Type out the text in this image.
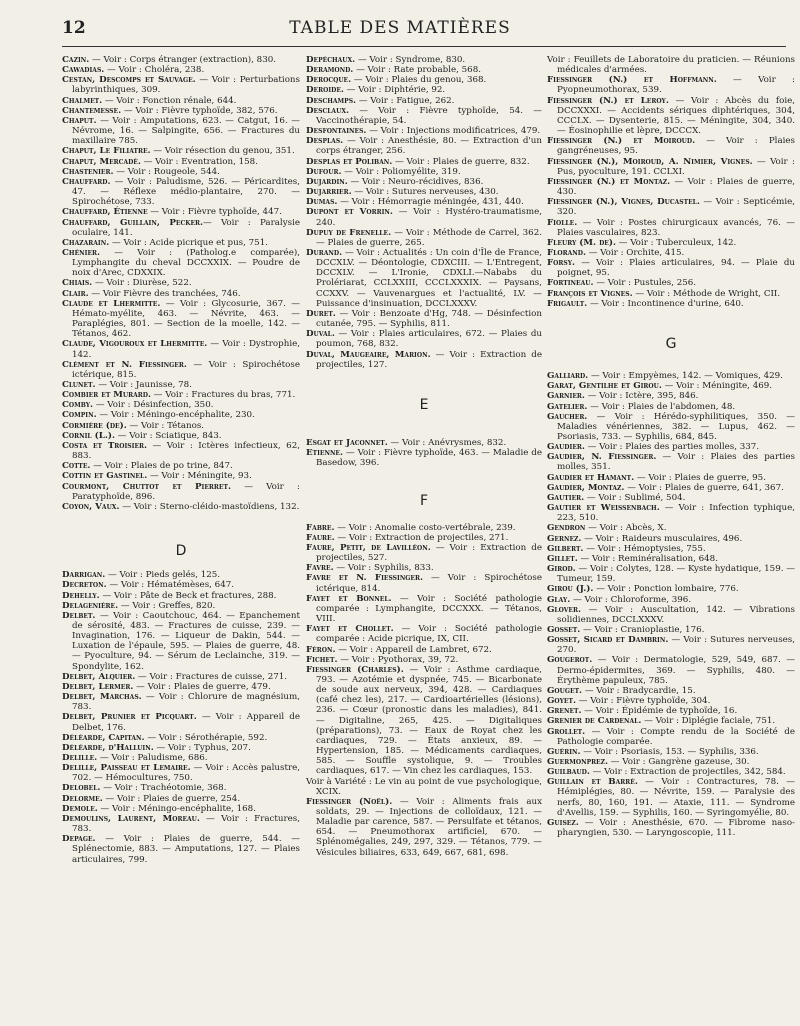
12	TABLE DES MATIÈRES

Cazin. — Voir : Corps étranger (extraction), 830.

Cawadias. — Voir : Choléra, 238.

Cestan, Descomps et Sauvage. — Voir : Perturbations labyrinthiques, 309.

Chalmet. — Voir : Fonction rénale, 644.

Chantemesse. — Voir : Fièvre typhoïde, 382, 576.

Chaput. — Voir : Amputations, 623. — Catgut, 16. — Névrome, 16. — Salpingite, 656. — Fractures du maxillaire 785.

Chaput, Le Filiatre. — Voir résection du genou, 351.

Chaput, Mercadé. — Voir : Eventration, 158.

Chastenier. — Voir : Rougeole, 544.

Chauffard. — Voir : Paludisme, 526. — Péricardites, 47. — Réflexe médio-plantaire, 270. — Spirochétose, 733.

Chauffard, Étienne — Voir : Fièvre typhoïde, 447.

Chauffard, Guillain, Pecker.— Voir : Paralysie oculaire, 141.

Chazarain. — Voir : Acide picrique et pus, 751.

Chénier. — Voir : (Patholog.e comparée), Lymphangite du cheval DCCXXIX. — Poudre de noix d'Arec, CDXXIX.

Chiais. — Voir : Diurèse, 522.

Clair. — Voir Fièvre des tranchées, 746.

Claude et Lhermitte. — Voir : Glycosurie, 367. — Hémato-myélite, 463. — Névrite, 463. — Paraplégies, 801. — Section de la moelle, 142. — Tétanos, 462.

Claude, Vigouroux et Lhermitte. — Voir : Dystrophie, 142.

Clément et N. Fiessinger. — Voir : Spirochétose ictérique, 815.

Clunet. — Voir : Jaunisse, 78.

Combier et Murard. — Voir : Fractures du bras, 771.

Comby. — Voir : Désinfection, 350.

Compin. — Voir : Méningo-encéphalite, 230.

Cormière (de). — Voir : Tétanos.

Cornil (L.). — Voir : Sciatique, 843.

Costa et Troisier. — Voir : Ictères infectieux, 62, 883.

Cotte. — Voir : Plaies de po trine, 847.

Cottin et Gastinel. — Voir : Méningite, 93.

Courmont, Chuttot et Pierret. — Voir : Paratyphoïde, 896.

Coyon, Vaux. — Voir : Sterno-cléido-mastoïdiens, 132.

D

Darrigan. — Voir : Pieds gelés, 125.

Decreton. — Voir : Hématémèses, 647.

Dehelly. — Voir : Pâte de Beck et fractures, 288.

Delagenière. — Voir : Greffes, 820.

Delbet. — Voir : Caoutchouc, 464. — Epanchement de sérosité, 483. — Fractures de cuisse, 239. — Invagination, 176. — Liqueur de Dakin, 544. — Luxation de l'épaule, 595. — Plaies de guerre, 48. — Pyoculture, 94. — Sérum de Leclainche, 319. — Spondylite, 162.

Delbet, Alquier. — Voir : Fractures de cuisse, 271.

Delbet, Lermer. — Voir : Plaies de guerre, 479.

Delbet, Marchas. — Voir : Chlorure de magnésium, 783.

Delbet, Prunier et Picquart. — Voir : Appareil de Delbet, 176.

Déléarde, Capitan. — Voir : Sérothérapie, 592.

Déléarde, d'Halluin. — Voir : Typhus, 207.

Delille. — Voir : Paludisme, 686.

Delille, Paisseau et Lemaire. — Voir : Accès palustre, 702. — Hémocultures, 750.

Delobel. — Voir : Trachéotomie, 368.

Delorme. — Voir : Plaies de guerre, 254.

Demole. — Voir : Méningo-encéphalite, 168.

Demoulins, Laurent, Moreau. — Voir : Fractures, 783.

Depage. — Voir : Plaies de guerre, 544. — Splénectomie, 883. — Amputations, 127. — Plaies articulaires, 799.

Depéchaux. — Voir : Syndrome, 830.

Deramond. — Voir : Rate probable, 568.

Derocque. — Voir : Plaies du genou, 368.

Deroide. — Voir : Diphtérie, 92.

Deschamps. — Voir : Fatigue, 262.

Desclaux. — Voir : Fièvre typhoïde, 54. — Vaccinothérapie, 54.

Desfontaines. — Voir : Injections modificatrices, 479.

Desplas. — Voir : Anesthésie, 80. — Extraction d'un corps étranger, 256.

Desplas et Poliban. — Voir : Plaies de guerre, 832.

Dufour. — Voir : Poliomyélite, 319.

Dujardin. — Voir : Neuro-récidives, 836.

Dujarrier. — Voir : Sutures nerveuses, 430.

Dumas. — Voir : Hémorragie méningée, 431, 440.

Dupont et Vorrin. — Voir : Hystéro-traumatisme, 240.

Dupuy de Frenelle. — Voir : Méthode de Carrel, 362. — Plaies de guerre, 265.

Durand. — Voir : Actualités : Un coin d'Île de France, DCCXLV. — Déontologie, CDXCIII. — L'Entregent, DCCXLV. — L'Ironie, CDXLI.—Nababs du Prolériarat, CCLXXIII, CCCLXXXIX. — Paysans, CCXXV. — Vauvenargues et l'actualité, LV. — Puissance d'insinuation, DCCLXXXV.

Duret. — Voir : Benzoate d'Hg, 748. — Désinfection cutanée, 795. — Syphilis, 811.

Duval. — Voir : Plaies articulaires, 672. — Plaies du poumon, 768, 832.

Duval, Maugeaire, Marion. — Voir : Extraction de projectiles, 127.

E

Esgat et Jaconnet. — Voir : Anévrysmes, 832.

Etienne. — Voir : Fièvre typhoïde, 463. — Maladie de Basedow, 396.

F

Fabre. — Voir : Anomalie costo-vertébrale, 239.

Faure. — Voir : Extraction de projectiles, 271.

Faure, Petit, de Lavilléon. — Voir : Extraction de projectiles, 527.

Favre. — Voir : Syphilis, 833.

Favre et N. Fiessinger. — Voir : Spirochétose ictérique, 814.

Fayet et Bonnel. — Voir : Société pathologie comparée : Lymphangite, DCCXXX. — Tétanos, VIII.

Fayet et Chollet. — Voir : Société pathologie comparée : Acide picrique, IX, CII.

Féron. — Voir : Appareil de Lambret, 672.

Fichet. — Voir : Pyothorax, 39, 72.

Fiessinger (Charles). — Voir : Asthme cardiaque, 793. — Azotémie et dyspnée, 745. — Bicarbonate de soude aux nerveux, 394, 428. — Cardiaques (café chez les), 217. — Cardioartérielles (lésions), 236. — Cœur (pronostic dans les maladies), 841. — Digitaline, 265, 425. — Digitaliques (préparations), 73. — Eaux de Royat chez les cardiaques, 729. — États anxieux, 89. — Hypertension, 185. — Médicaments cardiaques, 585. — Souffle systolique, 9. — Troubles cardiaques, 617. — Vin chez les cardiaques, 153.

Voir à Variété : Le vin au point de vue psychologique, XCIX.

Fiessinger (Noël). — Voir : Aliments frais aux soldats, 29. — Injections de colloïdaux, 121. — Maladie par carence, 587. — Persulfate et tétanos, 654. — Pneumothorax artificiel, 670. — Splénomégalies, 249, 297, 329. — Tétanos, 779. — Vésicules biliaires, 633, 649, 667, 681, 698.

Voir : Feuillets de Laboratoire du praticien. — Réunions médicales d'armées.

Fiessinger (N.) et Hoffmann. — Voir : Pyopneumothorax, 539.

Fiessinger (N.) et Leroy. — Voir : Abcès du foie, DCCXXXI. — Accidents sériques diphtériques, 304, CCCLX. — Dysenterie, 815. — Méningite, 304, 340. — Éosinophilie et lèpre, DCCCX.

Fiessinger (N.) et Moiroud. — Voir : Plaies gangréneuses, 95.

Fiessinger (N.), Moiroud, A. Nimier, Vignes. — Voir : Pus, pyoculture, 191. CCLXI.

Fiessinger (N.) et Montaz. — Voir : Plaies de guerre, 430.

Fiessinger (N.), Vignes, Ducastel. — Voir : Septicémie, 320.

Fiolle. — Voir : Postes chirurgicaux avancés, 76. — Plaies vasculaires, 823.

Fleury (M. de). — Voir : Tuberculeux, 142.

Florand. — Voir : Orchite, 415.

Forsy. — Voir : Plaies articulaires, 94. — Plaie du poignet, 95.

Fortineau. — Voir : Pustules, 256.

François et Vignes. — Voir : Méthode de Wright, CII.

Frigault. — Voir : Incontinence d'urine, 640.

G

Galliard. — Voir : Empyèmes, 142. — Vomiques, 429.

Garat, Gentilhe et Girou. — Voir : Méningite, 469.

Garnier. — Voir : Ictère, 395, 846.

Gatelier. — Voir : Plaies de l'abdomen, 48.

Gaucher. — Voir : Hérédo-syphilitiques, 350. — Maladies vénériennes, 382. — Lupus, 462. — Psoriasis, 733. — Syphilis, 684, 845.

Gaudier. — Voir : Plaies des parties molles, 337.

Gaudier, N. Fiessinger. — Voir : Plaies des parties molles, 351.

Gaudier et Hamant. — Voir : Plaies de guerre, 95.

Gaudier, Montaz. — Voir : Plaies de guerre, 641, 367.

Gautier. — Voir : Sublimé, 504.

Gautier et Weissenbach. — Voir : Infection typhique, 223, 510.

Gendron — Voir : Abcès, X.

Gernez. — Voir : Raideurs musculaires, 496.

Gilbert. — Voir : Hémoptysies, 755.

Gillet. — Voir : Reminéralisation, 648.

Girod. — Voir : Colytes, 128. — Kyste hydatique, 159. — Tumeur, 159.

Girou (J.). — Voir : Ponction lombaire, 776.

Glay. — Voir : Chloroforme, 396.

Glover. — Voir : Auscultation, 142. — Vibrations solidiennes, DCCLXXXV.

Gosset. — Voir : Cranioplastie, 176.

Gosset, Sicard et Dambrin. — Voir : Sutures nerveuses, 270.

Gougerot. — Voir : Dermatologie, 529, 549, 687. — Dermo-épidermites, 369. — Syphilis, 480. — Érythème papuleux, 785.

Gouget. — Voir : Bradycardie, 15.

Goyet. — Voir : Fièvre typhoïde, 304.

Grenet. — Voir : Épidémie de typhoïde, 16.

Grenier de Cardenal. — Voir : Diplégie faciale, 751.

Grollet. — Voir : Compte rendu de la Société de Pathologie comparée.

Guérin. — Voir : Psoriasis, 153. — Syphilis, 336.

Guermonprez. — Voir : Gangrène gazeuse, 30.

Guilbaud. — Voir : Extraction de projectiles, 342, 584.

Guillain et Barré. — Voir : Contractures, 78. — Hémiplégies, 80. — Névrite, 159. — Paralysie des nerfs, 80, 160, 191. — Ataxie, 111. — Syndrome d'Avellis, 159. — Syphilis, 160. — Syringomyélie, 80.

Guisez. — Voir : Anesthésie, 670. — Fibrome naso-pharyngien, 530. — Laryngoscopie, 111.
